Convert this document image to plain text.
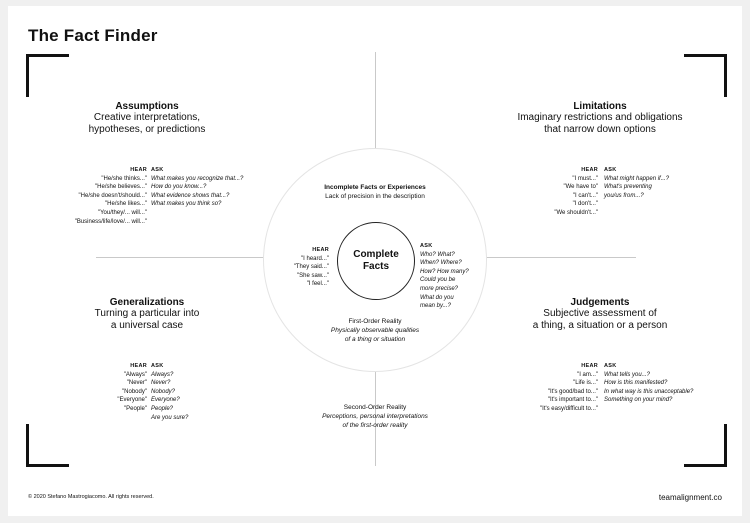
The Fact Finder
Assumptions
Creative interpretations,
hypotheses, or predictions
HEAR
"He/she thinks..."
"He/she believes..."
"He/she doesn't/should..."
"He/she likes..."
"You/they/... will..."
"Business/life/love/... will..."
ASK
What makes you recognize that...?
How do you know...?
What evidence shows that...?
What makes you think so?
Limitations
Imaginary restrictions and obligations
that narrow down options
HEAR
"I must..."
"We have to"
"I can't..."
"I don't..."
"We shouldn't..."
ASK
What might happen if...?
What's preventing
you/us from...?
Generalizations
Turning a particular into
a universal case
HEAR
"Always"
"Never"
"Nobody"
"Everyone"
"People"
ASK
Always?
Never?
Nobody?
Everyone?
People?
Are you sure?
Judgements
Subjective assessment of
a thing, a situation or a person
HEAR
"I am..."
"Life is..."
"It's good/bad to..."
"It's important to..."
"It's easy/difficult to..."
ASK
What tells you...?
How is this manifested?
In what way is this unacceptable?
Something on your mind?
Incomplete Facts or Experiences
Lack of precision in the description
Complete
Facts
HEAR
"I heard..."
"They said..."
"She saw..."
"I feel..."
ASK
Who? What?
When? Where?
How? How many?
Could you be
more precise?
What do you
mean by...?
First-Order Reality
Physically observable qualities
of a thing or situation
Second-Order Reality
Perceptions, personal interpretations
of the first-order reality
© 2020 Stefano Mastrogiacomo. All rights reserved.	teamalignment.co
